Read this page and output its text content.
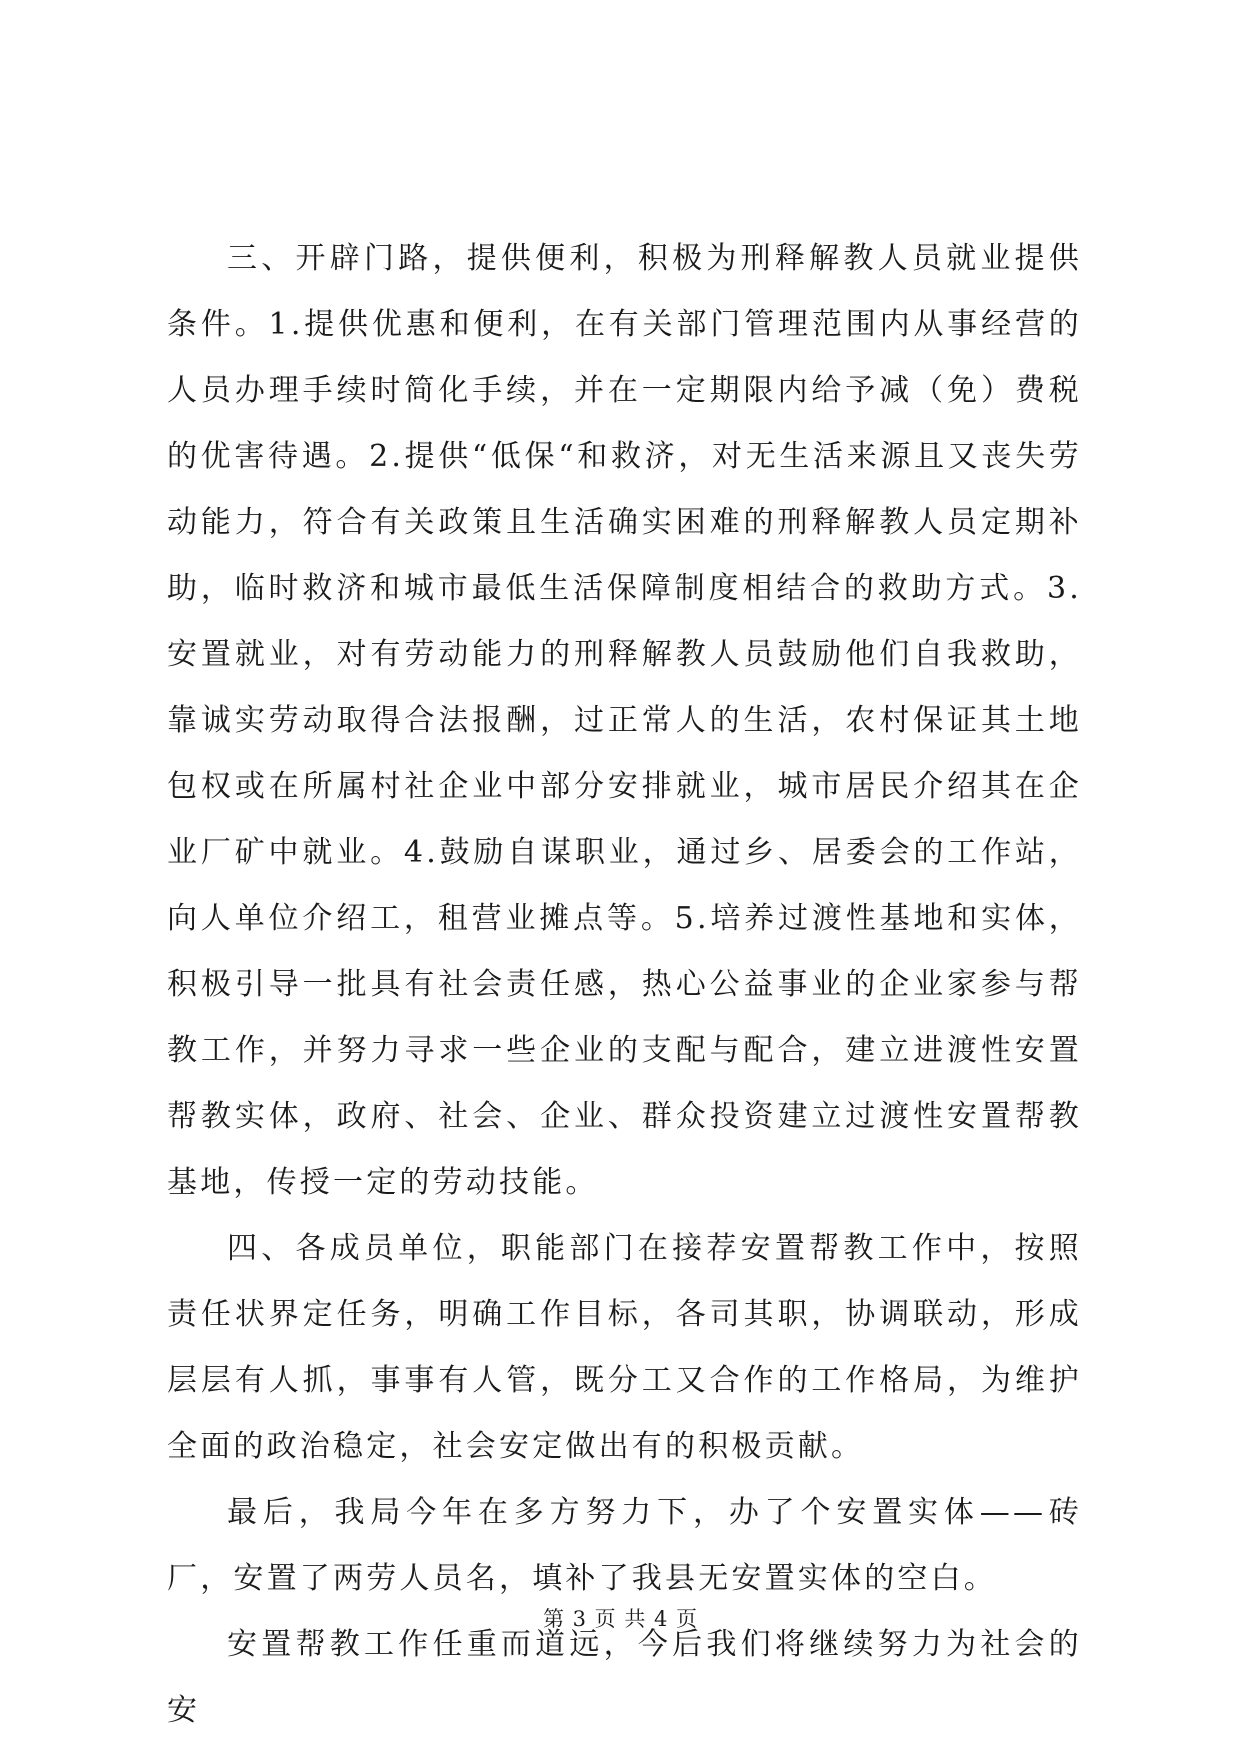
三、开辟门路，提供便利，积极为刑释解教人员就业提供条件。1.提供优惠和便利，在有关部门管理范围内从事经营的人员办理手续时简化手续，并在一定期限内给予减（免）费税的优害待遇。2.提供“低保“和救济，对无生活来源且又丧失劳动能力，符合有关政策且生活确实困难的刑释解教人员定期补助，临时救济和城市最低生活保障制度相结合的救助方式。3.安置就业，对有劳动能力的刑释解教人员鼓励他们自我救助，靠诚实劳动取得合法报酬，过正常人的生活，农村保证其土地包权或在所属村社企业中部分安排就业，城市居民介绍其在企业厂矿中就业。4.鼓励自谋职业，通过乡、居委会的工作站，向人单位介绍工，租营业摊点等。5.培养过渡性基地和实体，积极引导一批具有社会责任感，热心公益事业的企业家参与帮教工作，并努力寻求一些企业的支配与配合，建立进渡性安置帮教实体，政府、社会、企业、群众投资建立过渡性安置帮教基地，传授一定的劳动技能。

四、各成员单位，职能部门在接荐安置帮教工作中，按照责任状界定任务，明确工作目标，各司其职，协调联动，形成层层有人抓，事事有人管，既分工又合作的工作格局，为维护全面的政治稳定，社会安定做出有的积极贡献。

最后，我局今年在多方努力下，办了个安置实体——砖厂，安置了两劳人员名，填补了我县无安置实体的空白。

安置帮教工作任重而道远，今后我们将继续努力为社会的安

第 3 页 共 4 页
